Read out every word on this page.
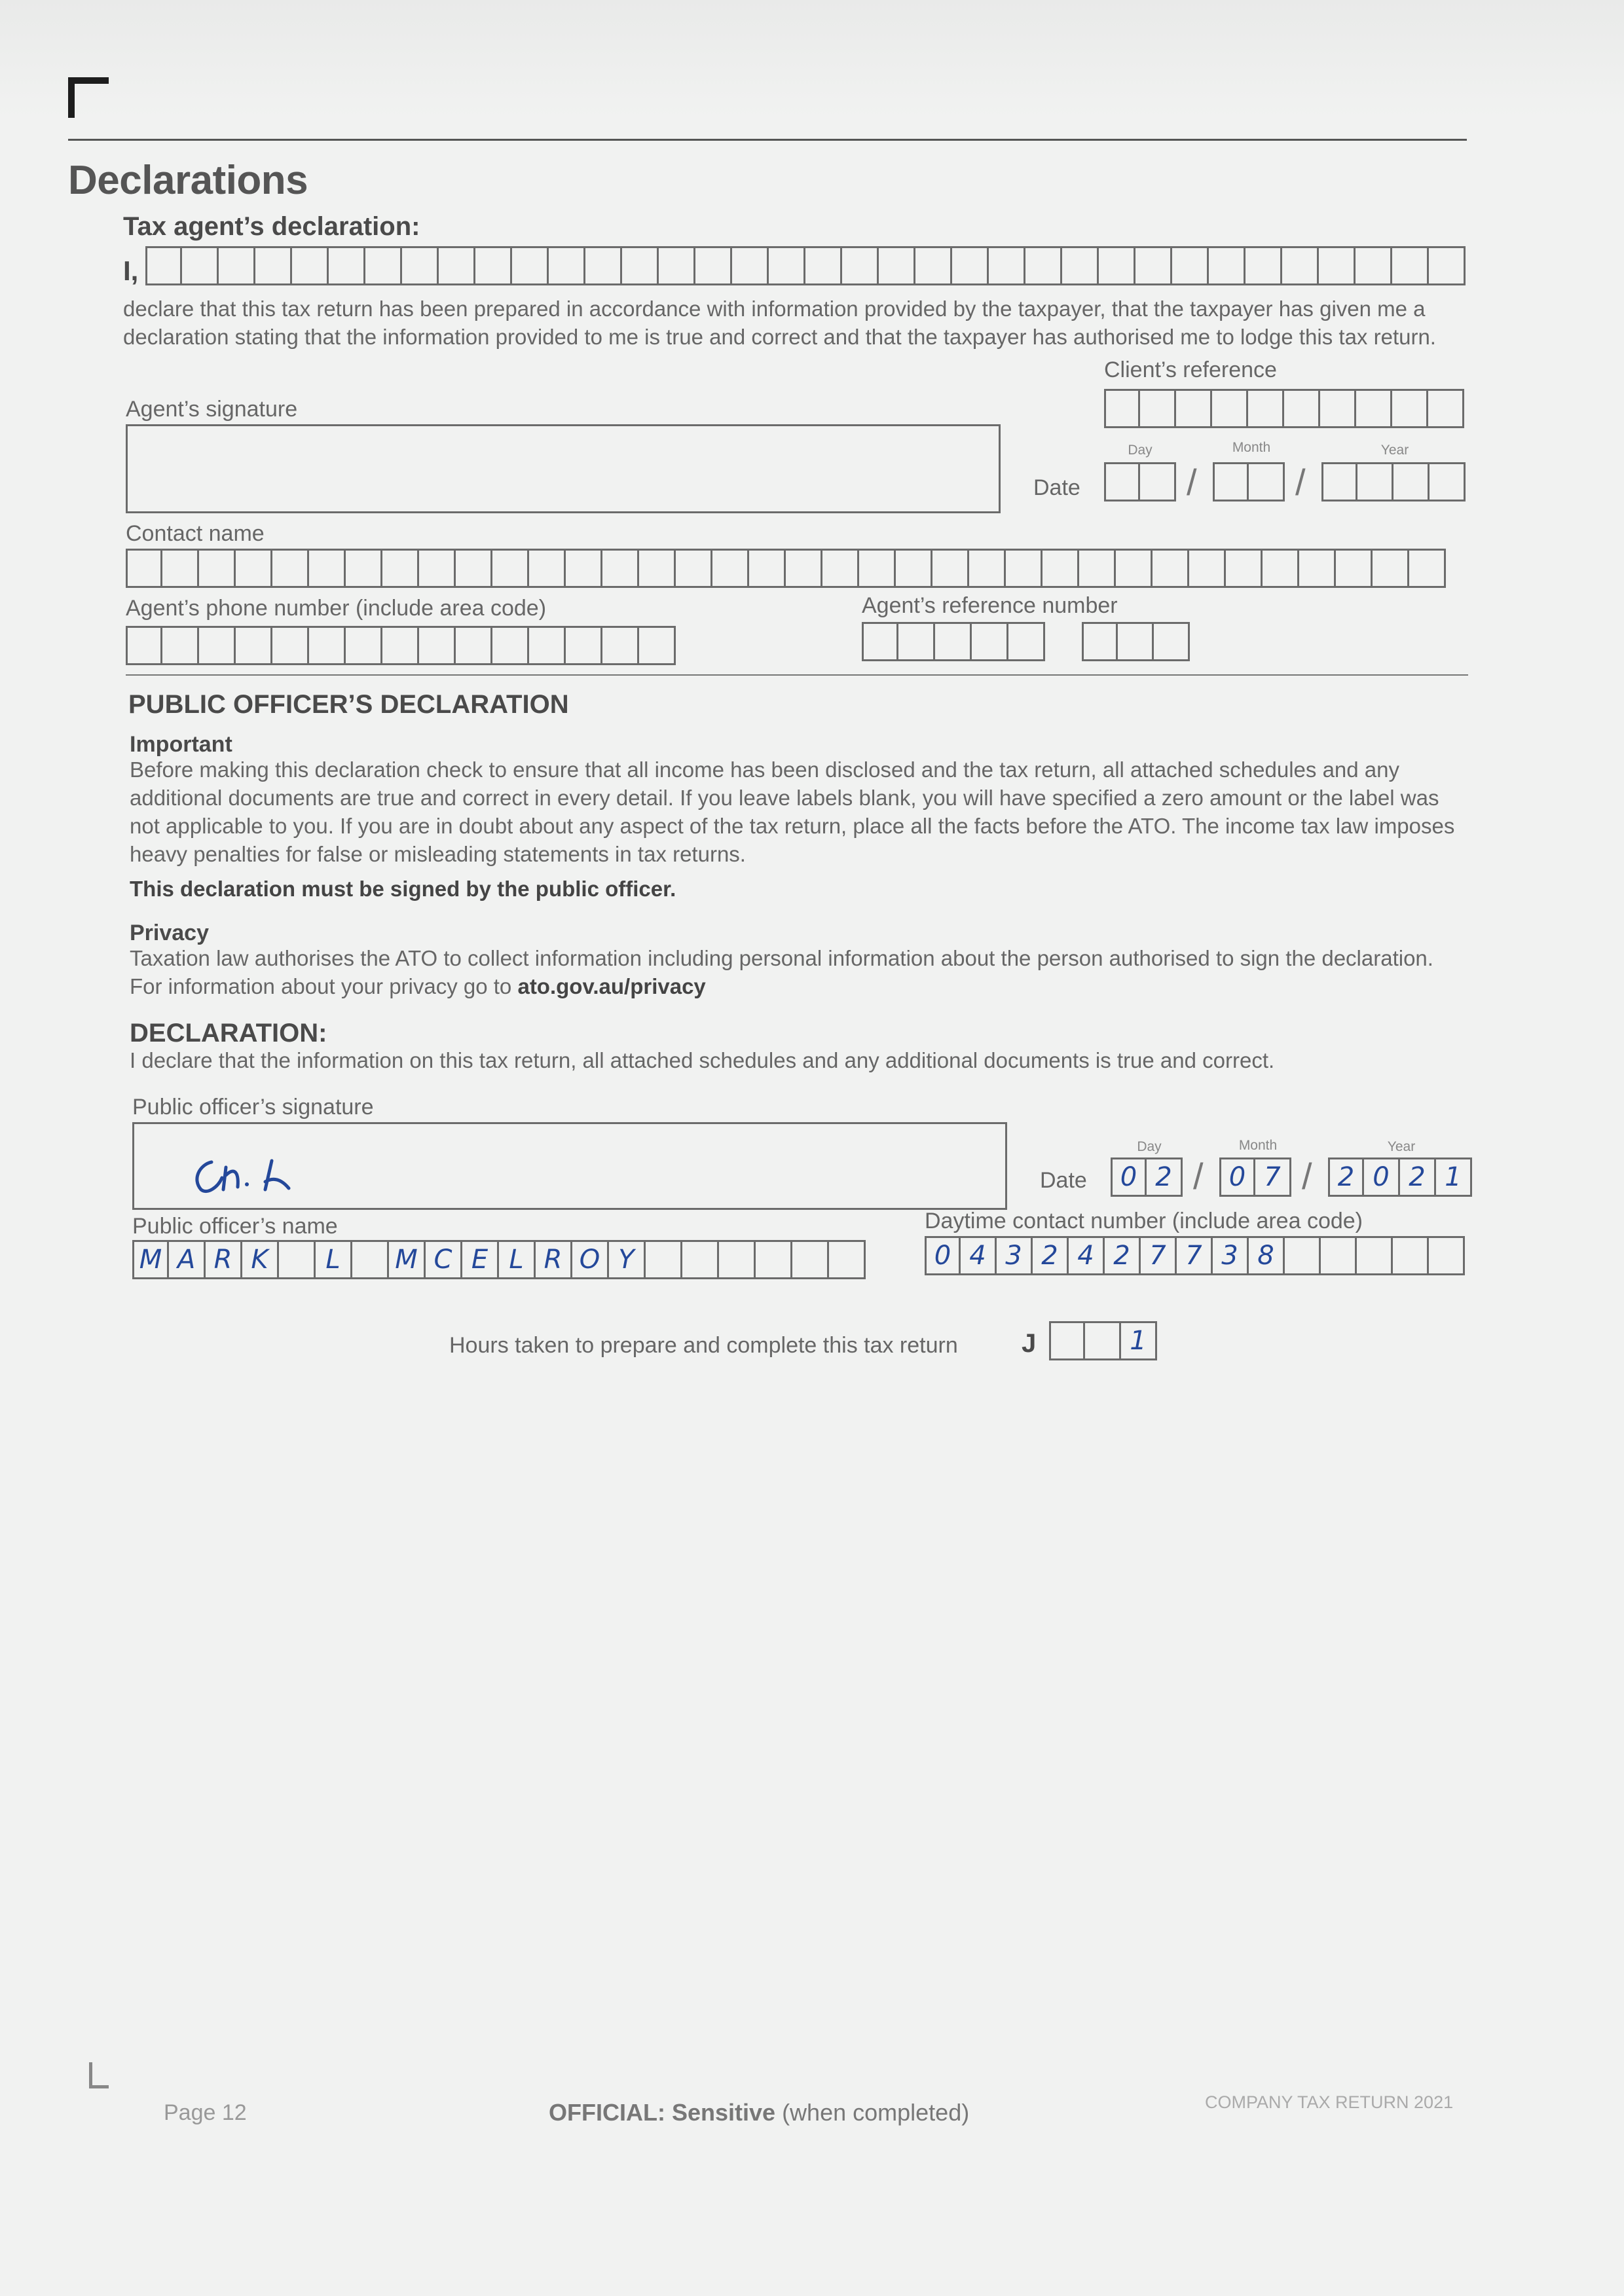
Declarations
Tax agent’s declaration:
I,
declare that this tax return has been prepared in accordance with information provided by the taxpayer, that the taxpayer has given me a declaration stating that the information provided to me is true and correct and that the taxpayer has authorised me to lodge this tax return.
Client’s reference
Agent’s signature
Day	Month	Year
Date	/	/
Contact name
Agent’s phone number (include area code)	Agent’s reference number
PUBLIC OFFICER’S DECLARATION
Important
Before making this declaration check to ensure that all income has been disclosed and the tax return, all attached schedules and any additional documents are true and correct in every detail. If you leave labels blank, you will have specified a zero amount or the label was not applicable to you. If you are in doubt about any aspect of the tax return, place all the facts before the ATO. The income tax law imposes heavy penalties for false or misleading statements in tax returns.
This declaration must be signed by the public officer.
Privacy
Taxation law authorises the ATO to collect information including personal information about the person authorised to sign the declaration. For information about your privacy go to ato.gov.au/privacy
DECLARATION:
I declare that the information on this tax return, all attached schedules and any additional documents is true and correct.
Public officer’s signature
Day	Month	Year
Date	0 2 / 0 7 / 2 0 2 1
Public officer’s name
M A R K	L	M C E L R O Y
Daytime contact number (include area code)
0 4 3 2 4 2 7 7 3 8
Hours taken to prepare and complete this tax return J	1
Page 12	OFFICIAL: Sensitive (when completed)	COMPANY TAX RETURN 2021
